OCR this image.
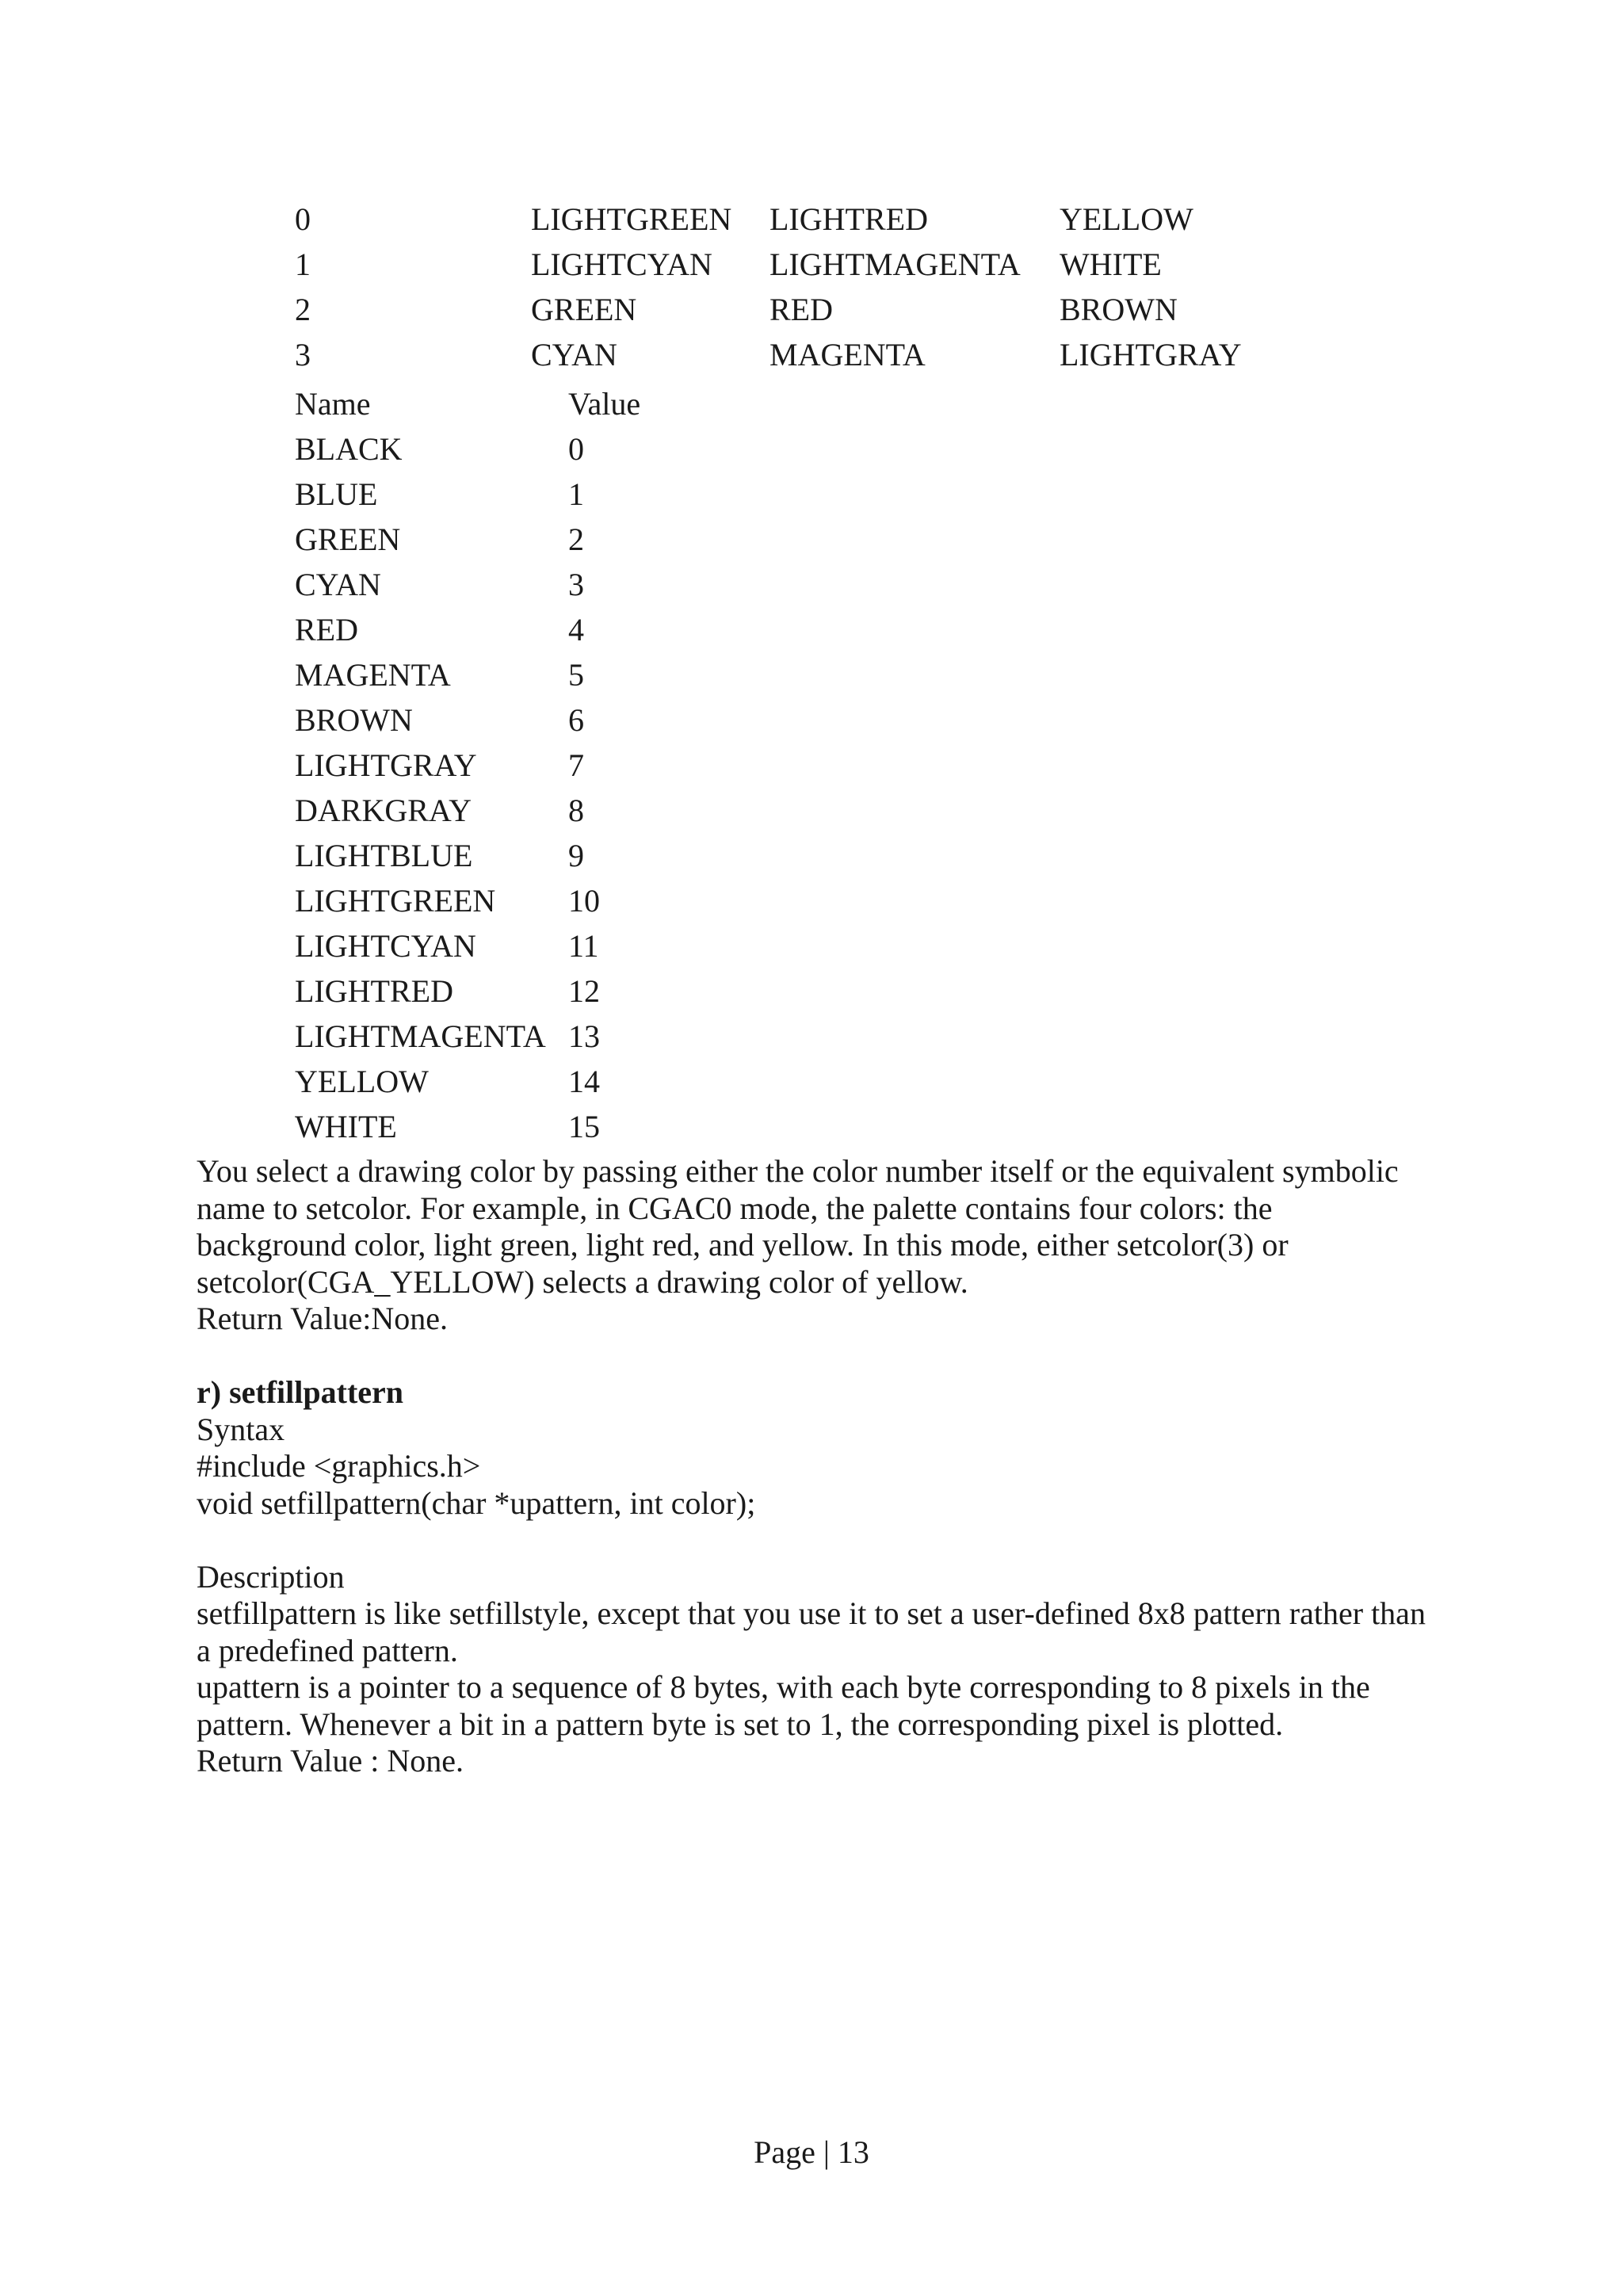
0	LIGHTGREEN	LIGHTRED	YELLOW
1	LIGHTCYAN	LIGHTMAGENTA	WHITE
2	GREEN	RED	BROWN
3	CYAN	MAGENTA	LIGHTGRAY
Name	Value
BLACK	0
BLUE	1
GREEN	2
CYAN	3
RED	4
MAGENTA	5
BROWN	6
LIGHTGRAY	7
DARKGRAY	8
LIGHTBLUE	9
LIGHTGREEN	10
LIGHTCYAN	11
LIGHTRED	12
LIGHTMAGENTA 13
YELLOW	14
WHITE	15

You select a drawing color by passing either the color number itself or the equivalent symbolic

name to setcolor. For example, in CGAC0 mode, the palette contains four colors: the

background color, light green, light red, and yellow. In this mode, either setcolor(3) or

setcolor(CGA_YELLOW) selects a drawing color of yellow.

Return Value:None.

r) setfillpattern

Syntax

#include <graphics.h>

void setfillpattern(char *upattern, int color);

Description

setfillpattern is like setfillstyle, except that you use it to set a user-defined 8x8 pattern rather than

a predefined pattern.

upattern is a pointer to a sequence of 8 bytes, with each byte corresponding to 8 pixels in the

pattern. Whenever a bit in a pattern byte is set to 1, the corresponding pixel is plotted.

Return Value : None.

Page | 13
